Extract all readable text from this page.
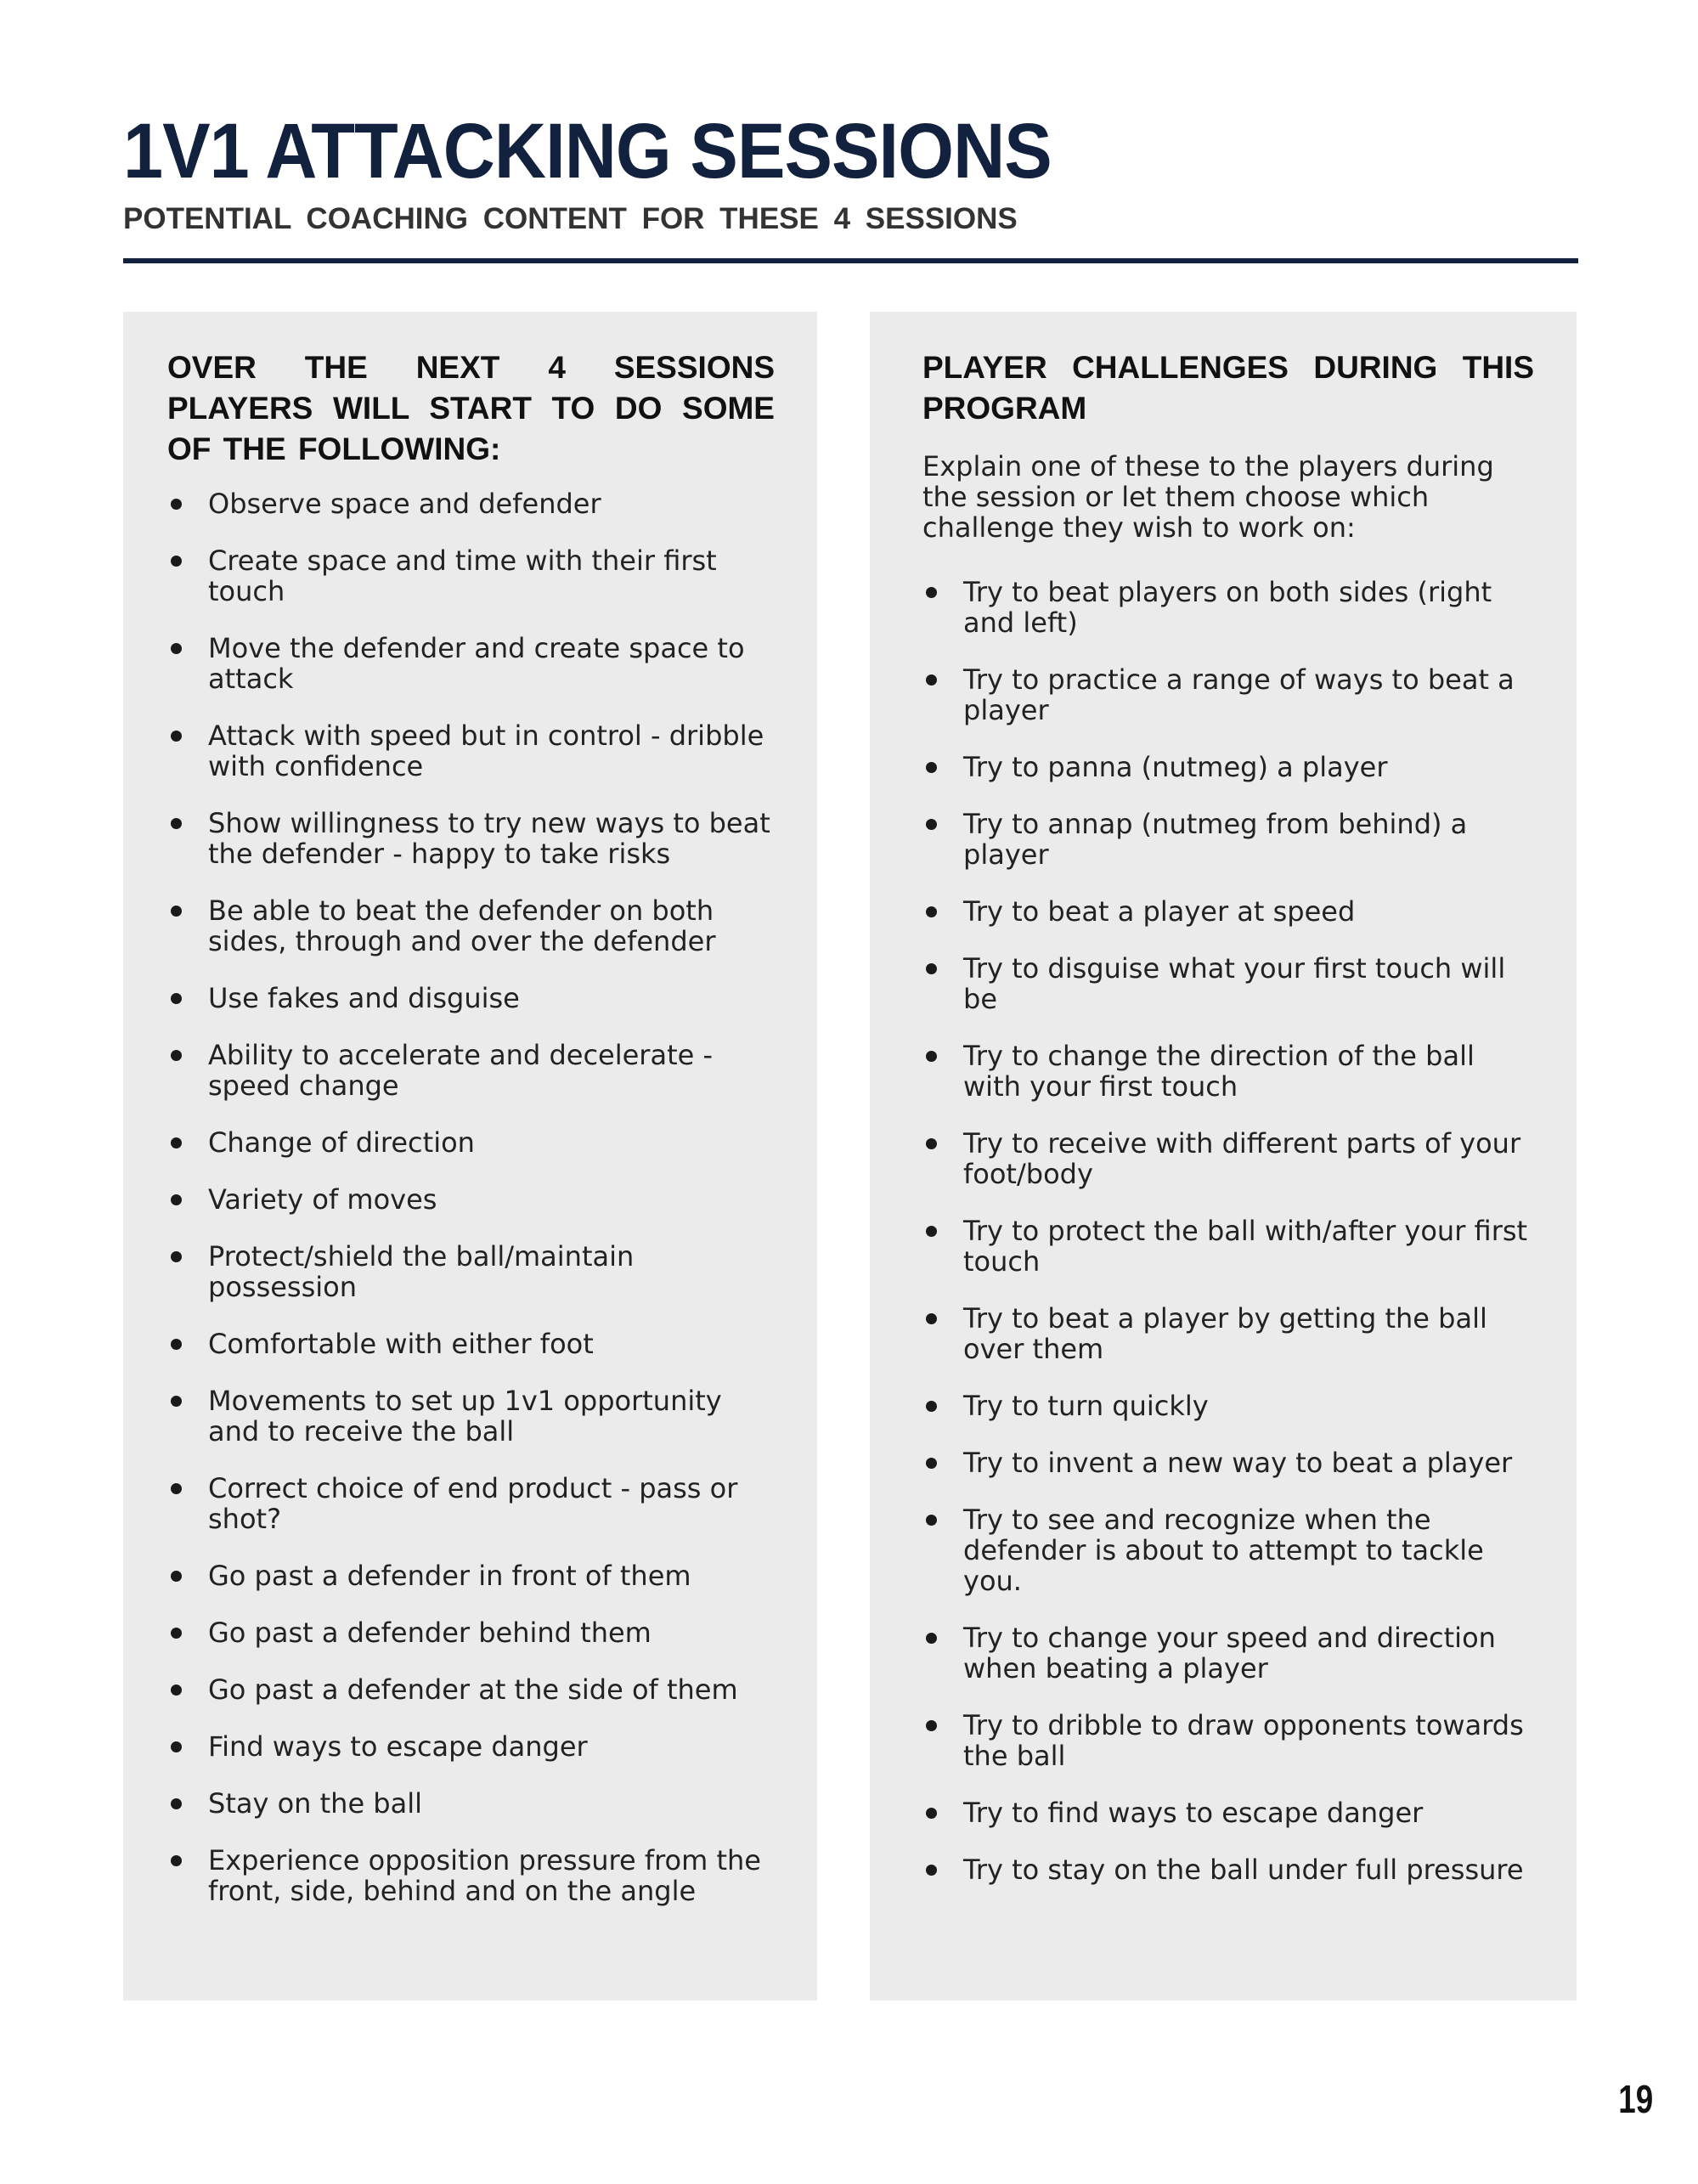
1V1 ATTACKING SESSIONS

POTENTIAL COACHING CONTENT FOR THESE 4 SESSIONS

OVER THE NEXT 4 SESSIONS PLAYERS WILL START TO DO SOME OF THE FOLLOWING:
Observe space and defender
Create space and time with their first touch
Move the defender and create space to attack
Attack with speed but in control - dribble with confidence
Show willingness to try new ways to beat the defender - happy to take risks
Be able to beat the defender on both sides, through and over the defender
Use fakes and disguise
Ability to accelerate and decelerate - speed change
Change of direction
Variety of moves
Protect/shield the ball/maintain possession
Comfortable with either foot
Movements to set up 1v1 opportunity and to receive the ball
Correct choice of end product - pass or shot?
Go past a defender in front of them
Go past a defender behind them
Go past a defender at the side of them
Find ways to escape danger
Stay on the ball
Experience opposition pressure from the front, side, behind and on the angle
PLAYER CHALLENGES DURING THIS PROGRAM

Explain one of these to the players during the session or let them choose which challenge they wish to work on:

Try to beat players on both sides (right and left)
Try to practice a range of ways to beat a player
Try to panna (nutmeg) a player
Try to annap (nutmeg from behind) a player
Try to beat a player at speed
Try to disguise what your first touch will be
Try to change the direction of the ball with your first touch
Try to receive with different parts of your foot/body
Try to protect the ball with/after your first touch
Try to beat a player by getting the ball over them
Try to turn quickly
Try to invent a new way to beat a player
Try to see and recognize when the defender is about to attempt to tackle you.
Try to change your speed and direction when beating a player
Try to dribble to draw opponents towards the ball
Try to find ways to escape danger
Try to stay on the ball under full pressure

19
